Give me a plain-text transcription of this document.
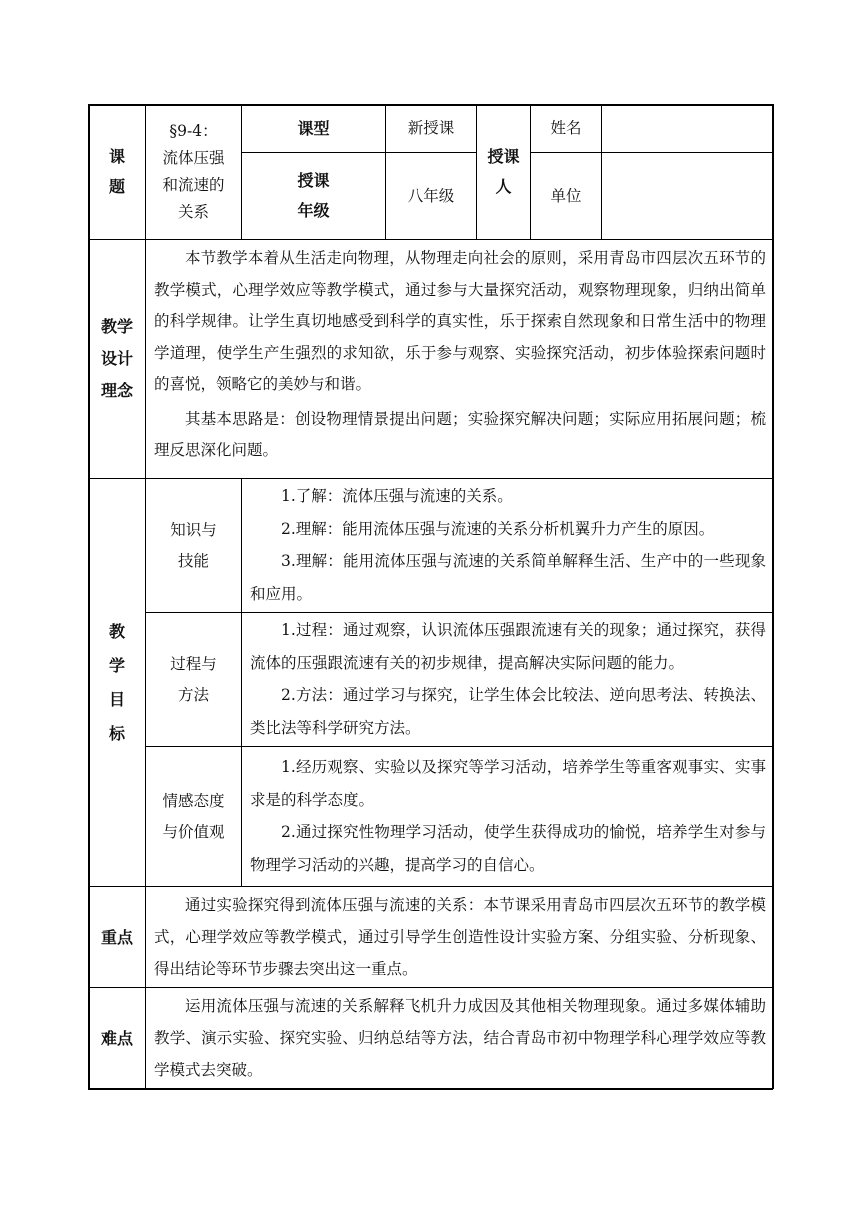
课
题
§9-4：
流体压强
和流速的
关系
课型	新授课
授课
年级
八年级
授课
人
姓名
单位
教学
设计
理念

本节教学本着从生活走向物理，从物理走向社会的原则，采用青岛市四层次五环节的教学模式，心理学效应等教学模式，通过参与大量探究活动，观察物理现象，归纳出简单的科学规律。让学生真切地感受到科学的真实性，乐于探索自然现象和日常生活中的物理学道理，使学生产生强烈的求知欲，乐于参与观察、实验探究活动，初步体验探索问题时的喜悦，领略它的美妙与和谐。

其基本思路是：创设物理情景提出问题；实验探究解决问题；实际应用拓展问题；梳理反思深化问题。

教
学
目
标
知识与
技能

1.了解：流体压强与流速的关系。

2.理解：能用流体压强与流速的关系分析机翼升力产生的原因。

3.理解：能用流体压强与流速的关系简单解释生活、生产中的一些现象和应用。

过程与
方法

1.过程：通过观察，认识流体压强跟流速有关的现象；通过探究，获得流体的压强跟流速有关的初步规律，提高解决实际问题的能力。

2.方法：通过学习与探究，让学生体会比较法、逆向思考法、转换法、类比法等科学研究方法。

情感态度
与价值观

1.经历观察、实验以及探究等学习活动，培养学生等重客观事实、实事求是的科学态度。

2.通过探究性物理学习活动，使学生获得成功的愉悦，培养学生对参与物理学习活动的兴趣，提高学习的自信心。

重点

通过实验探究得到流体压强与流速的关系：本节课采用青岛市四层次五环节的教学模式，心理学效应等教学模式，通过引导学生创造性设计实验方案、分组实验、分析现象、得出结论等环节步骤去突出这一重点。

难点

运用流体压强与流速的关系解释飞机升力成因及其他相关物理现象。通过多媒体辅助教学、演示实验、探究实验、归纳总结等方法，结合青岛市初中物理学科心理学效应等教学模式去突破。
